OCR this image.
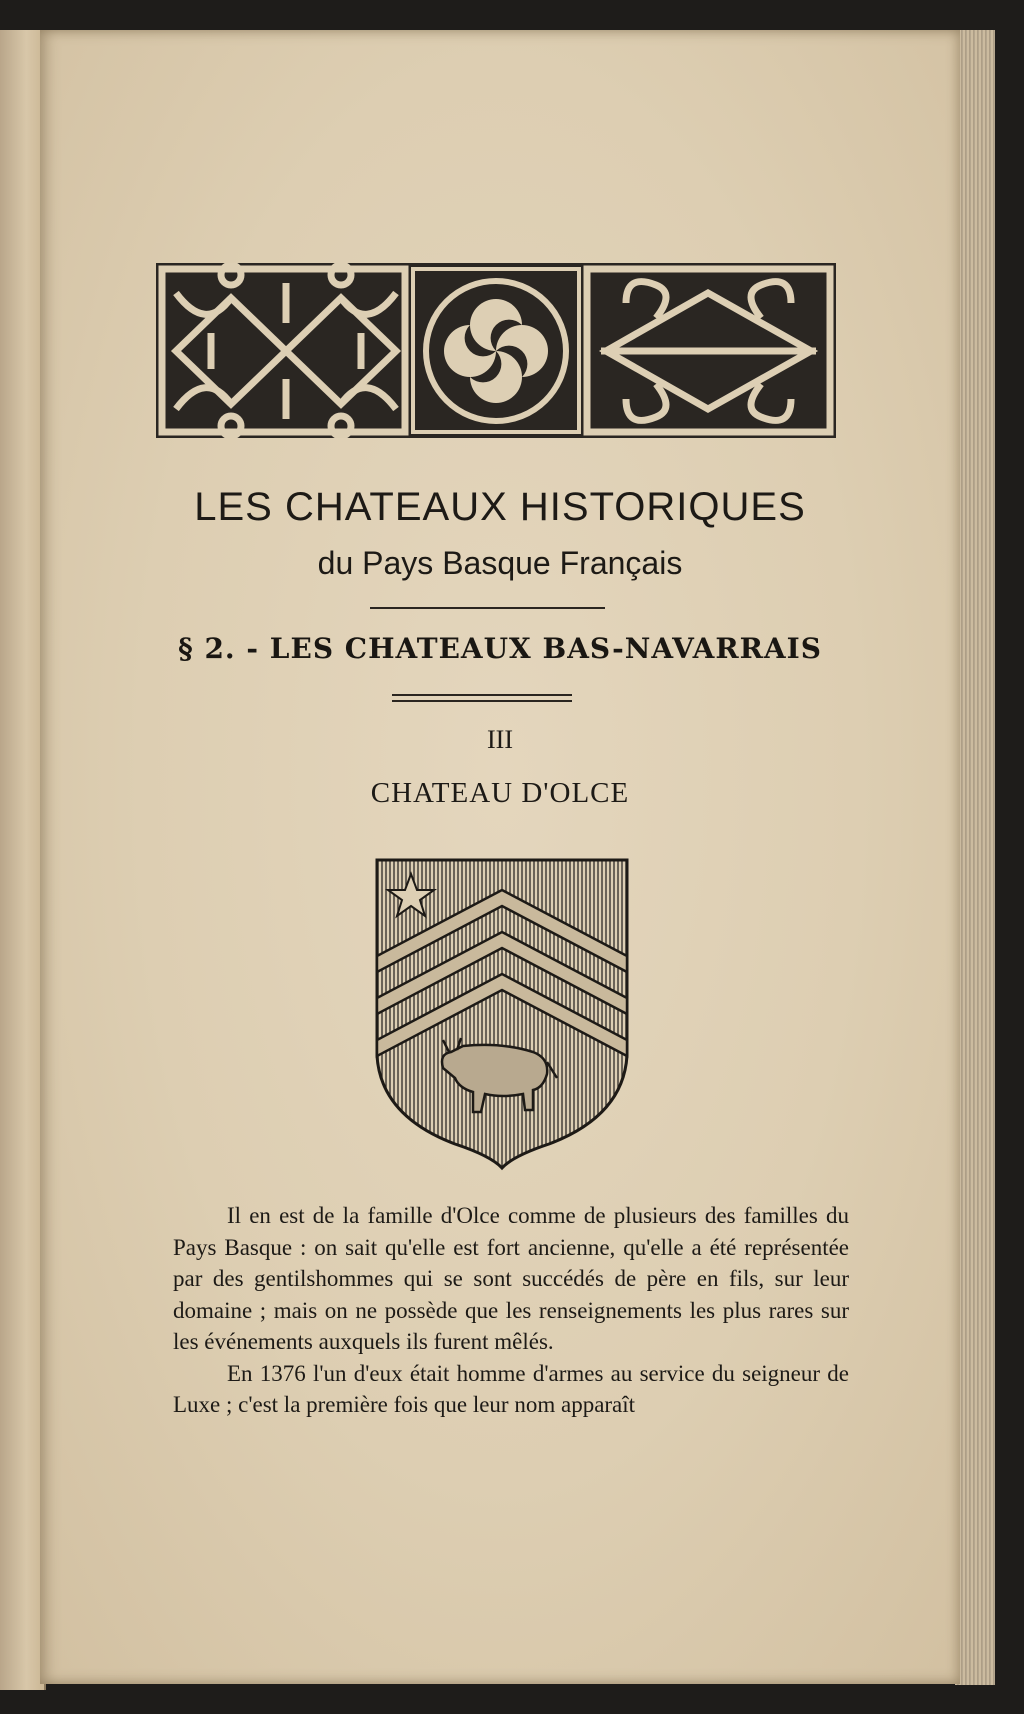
LES CHATEAUX HISTORIQUES
du Pays Basque Français
§ 2. - LES CHATEAUX BAS-NAVARRAIS
III
CHATEAU D'OLCE

Il en est de la famille d'Olce comme de plusieurs des familles du Pays Basque : on sait qu'elle est fort ancienne, qu'elle a été représentée par des gentilshommes qui se sont succédés de père en fils, sur leur domaine ; mais on ne possède que les renseignements les plus rares sur les événements auxquels ils furent mêlés.

En 1376 l'un d'eux était homme d'armes au service du seigneur de Luxe ; c'est la première fois que leur nom apparaît
